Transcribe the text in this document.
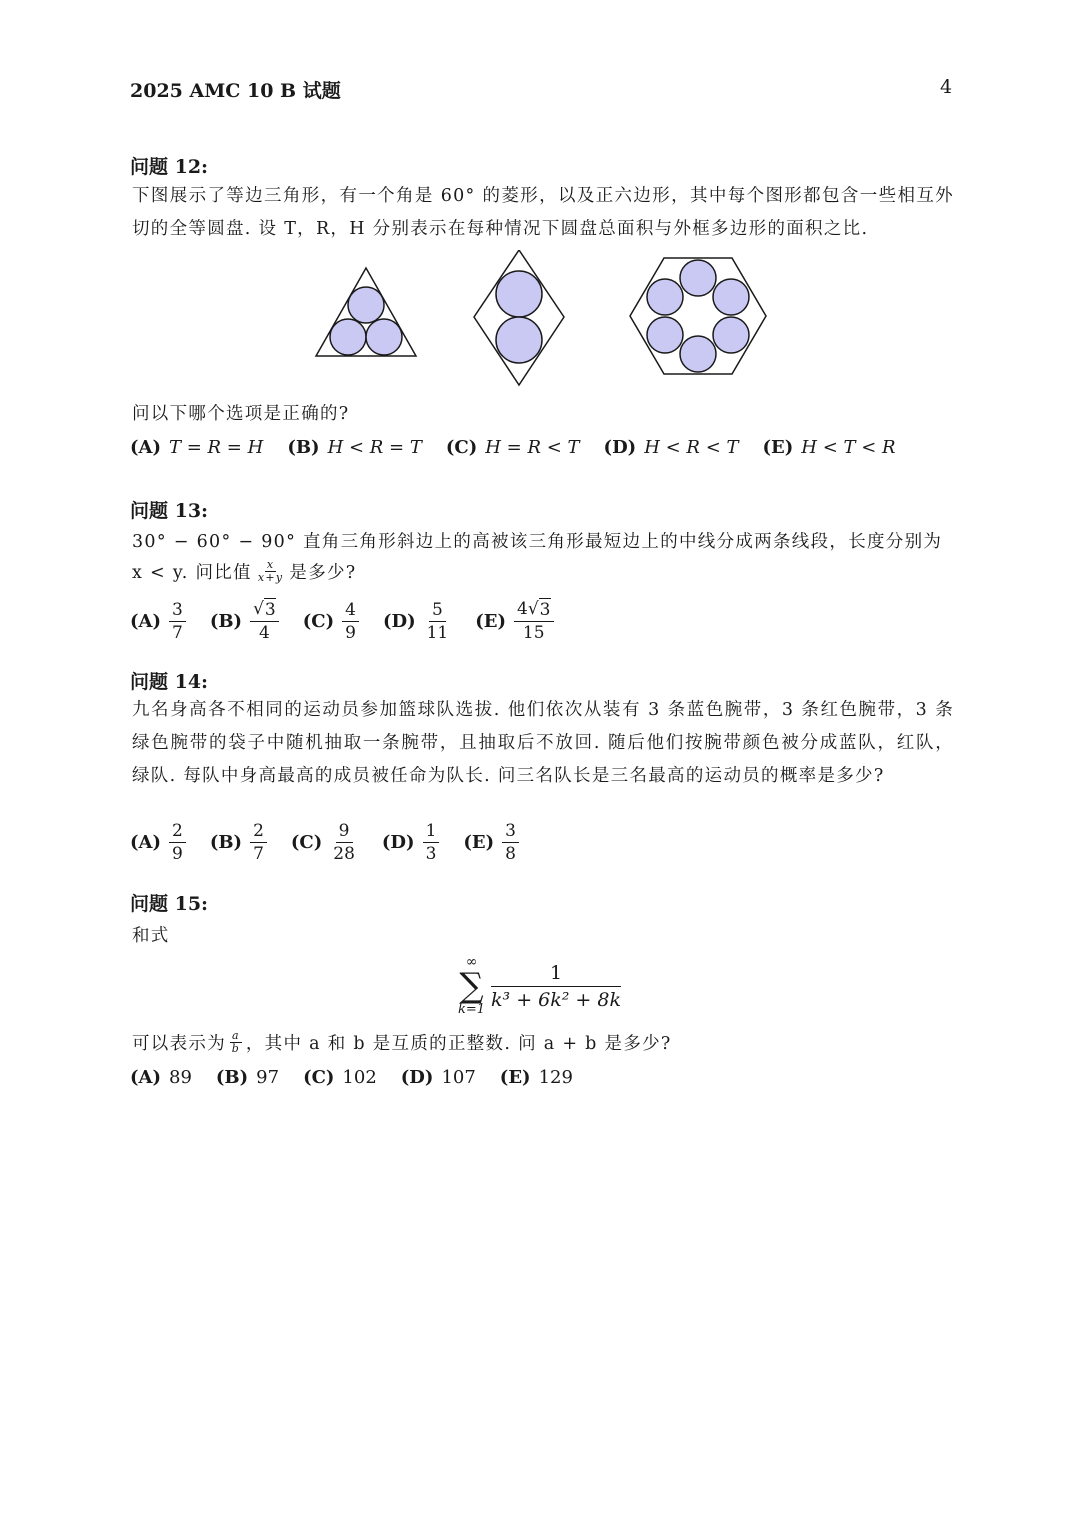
2025 AMC 10 B 试题	4
问题 12:
下图展示了等边三角形，有一个角是 60° 的菱形，以及正六边形，其中每个图形都包含一些相互外切的全等圆盘. 设 T，R，H 分别表示在每种情况下圆盘总面积与外框多边形的面积之比.
问以下哪个选项是正确的?
(A) T = R = H (B) H < R = T (C) H = R < T (D) H < R < T (E) H < T < R
问题 13:
30° − 60° − 90° 直角三角形斜边上的高被该三角形最短边上的中线分成两条线段，长度分别为
x < y. 问比值 $\frac{x}{x+y}$ 是多少?
$(A) \frac{3}{7} (B) \frac{√ 3}{4} (C) \frac{4}{9} (D) \frac{5}{11} (E) \frac{4√ 3}{15}$
问题 14:
九名身高各不相同的运动员参加篮球队选拔. 他们依次从装有 3 条蓝色腕带，3 条红色腕带，3 条绿色腕带的袋子中随机抽取一条腕带，且抽取后不放回. 随后他们按腕带颜色被分成蓝队，红队，绿队. 每队中身高最高的成员被任命为队长. 问三名队长是三名最高的运动员的概率是多少?
$(A) \frac{2}{9} (B) \frac{2}{7} (C) \frac{9}{28} (D) \frac{1}{3} (E) \frac{3}{8}$
问题 15:
和式
∞
∑
$k=1 \frac{1}{\text{k³ + 6k² + 8k}}$
可以表示为 $\frac{a}{b}$ ，其中 a 和 b 是互质的正整数. 问 a + b 是多少?
(A) 89 (B) 97 (C) 102 (D) 107 (E) 129
